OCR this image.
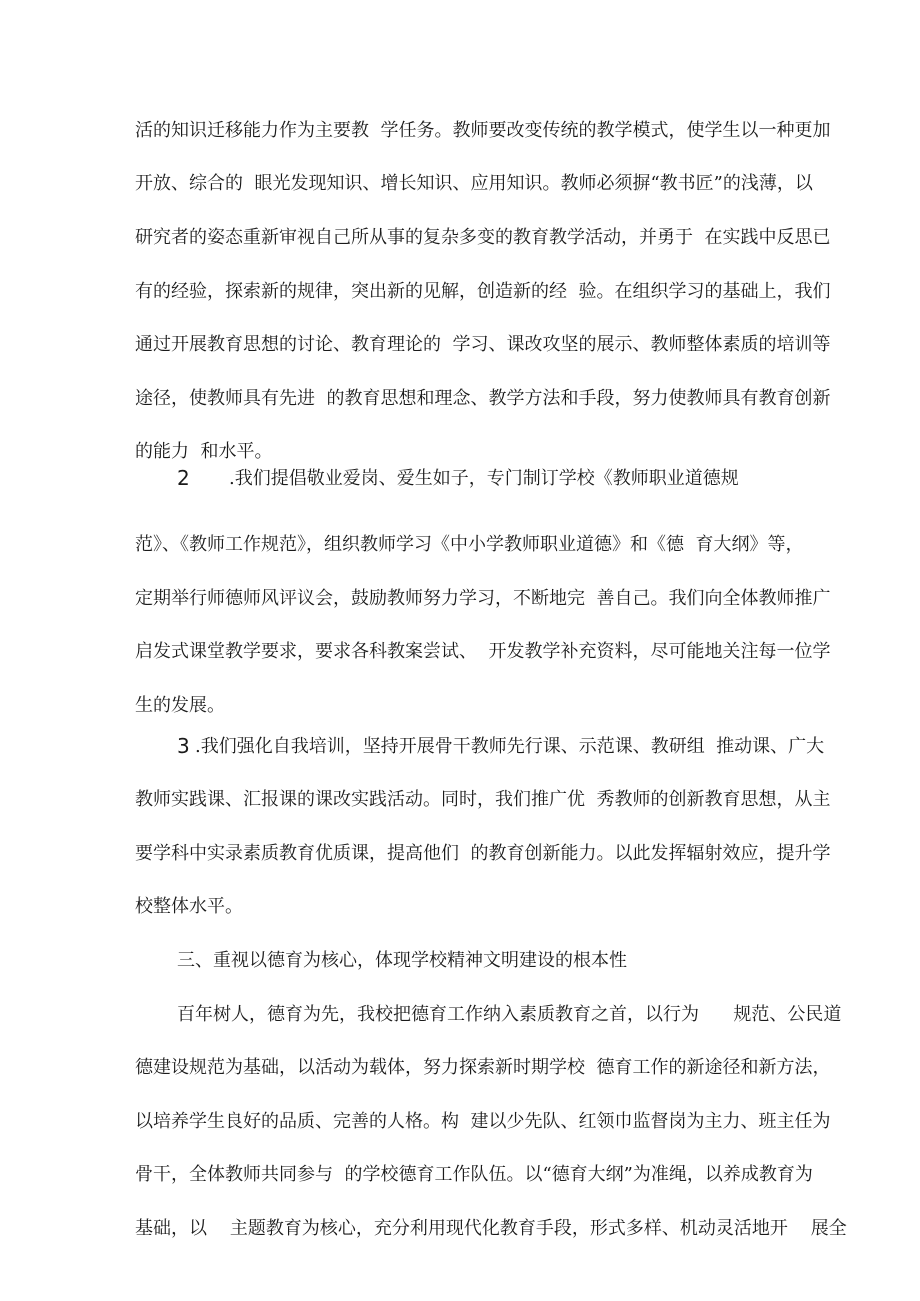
活的知识迁移能力作为主要教  学任务。教师要改变传统的教学模式，使学生以一种更加
开放、综合的  眼光发现知识、增长知识、应用知识。教师必须摒“教书匠”的浅薄，以
研究者的姿态重新审视自己所从事的复杂多变的教育教学活动，并勇于  在实践中反思已
有的经验，探索新的规律，突出新的见解，创造新的经  验。在组织学习的基础上，我们
通过开展教育思想的讨论、教育理论的  学习、课改攻坚的展示、教师整体素质的培训等
途径，使教师具有先进  的教育思想和理念、教学方法和手段，努力使教师具有教育创新
的能力  和水平。
2 .我们提倡敬业爱岗、爱生如子，专门制订学校《教师职业道德规
范》、《教师工作规范》，组织教师学习《中小学教师职业道德》和《德  育大纲》等，
定期举行师德师风评议会，鼓励教师努力学习，不断地完  善自己。我们向全体教师推广
启发式课堂教学要求，要求各科教案尝试、  开发教学补充资料，尽可能地关注每一位学
生的发展。
3 .我们强化自我培训，坚持开展骨干教师先行课、示范课、教研组  推动课、广大
教师实践课、汇报课的课改实践活动。同时，我们推广优  秀教师的创新教育思想，从主
要学科中实录素质教育优质课，提高他们  的教育创新能力。以此发挥辐射效应，提升学
校整体水平。
三、重视以德育为核心，体现学校精神文明建设的根本性
百年树人，德育为先，我校把德育工作纳入素质教育之首，以行为      规范、公民道
德建设规范为基础，以活动为载体，努力探索新时期学校  德育工作的新途径和新方法，
以培养学生良好的品质、完善的人格。构  建以少先队、红领巾监督岗为主力、班主任为
骨干，全体教师共同参与  的学校德育工作队伍。以“德育大纲”为准绳，以养成教育为
基础，以    主题教育为核心，充分利用现代化教育手段，形式多样、机动灵活地开    展全
